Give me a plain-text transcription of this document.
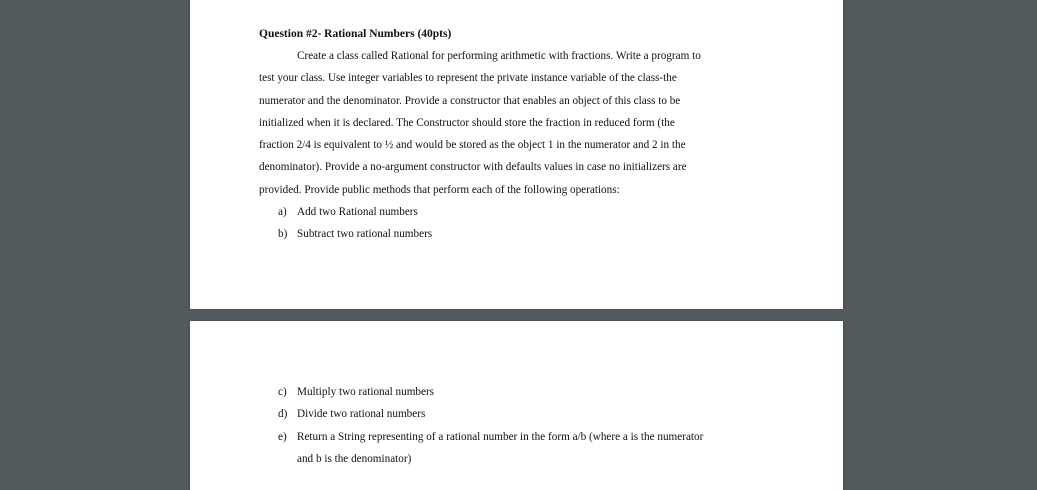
Question #2- Rational Numbers (40pts)

Create a class called Rational for performing arithmetic with fractions. Write a program to

test your class. Use integer variables to represent the private instance variable of the class-the
numerator and the denominator. Provide a constructor that enables an object of this class to be
initialized when it is declared. The Constructor should store the fraction in reduced form (the
fraction 2/4 is equivalent to ½ and would be stored as the object 1 in the numerator and 2 in the
denominator). Provide a no-argument constructor with defaults values in case no initializers are
provided. Provide public methods that perform each of the following operations:
a) Add two Rational numbers
b) Subtract two rational numbers
c) Multiply two rational numbers
d) Divide two rational numbers
e) Return a String representing of a rational number in the form a/b (where a is the numerator
and b is the denominator)
